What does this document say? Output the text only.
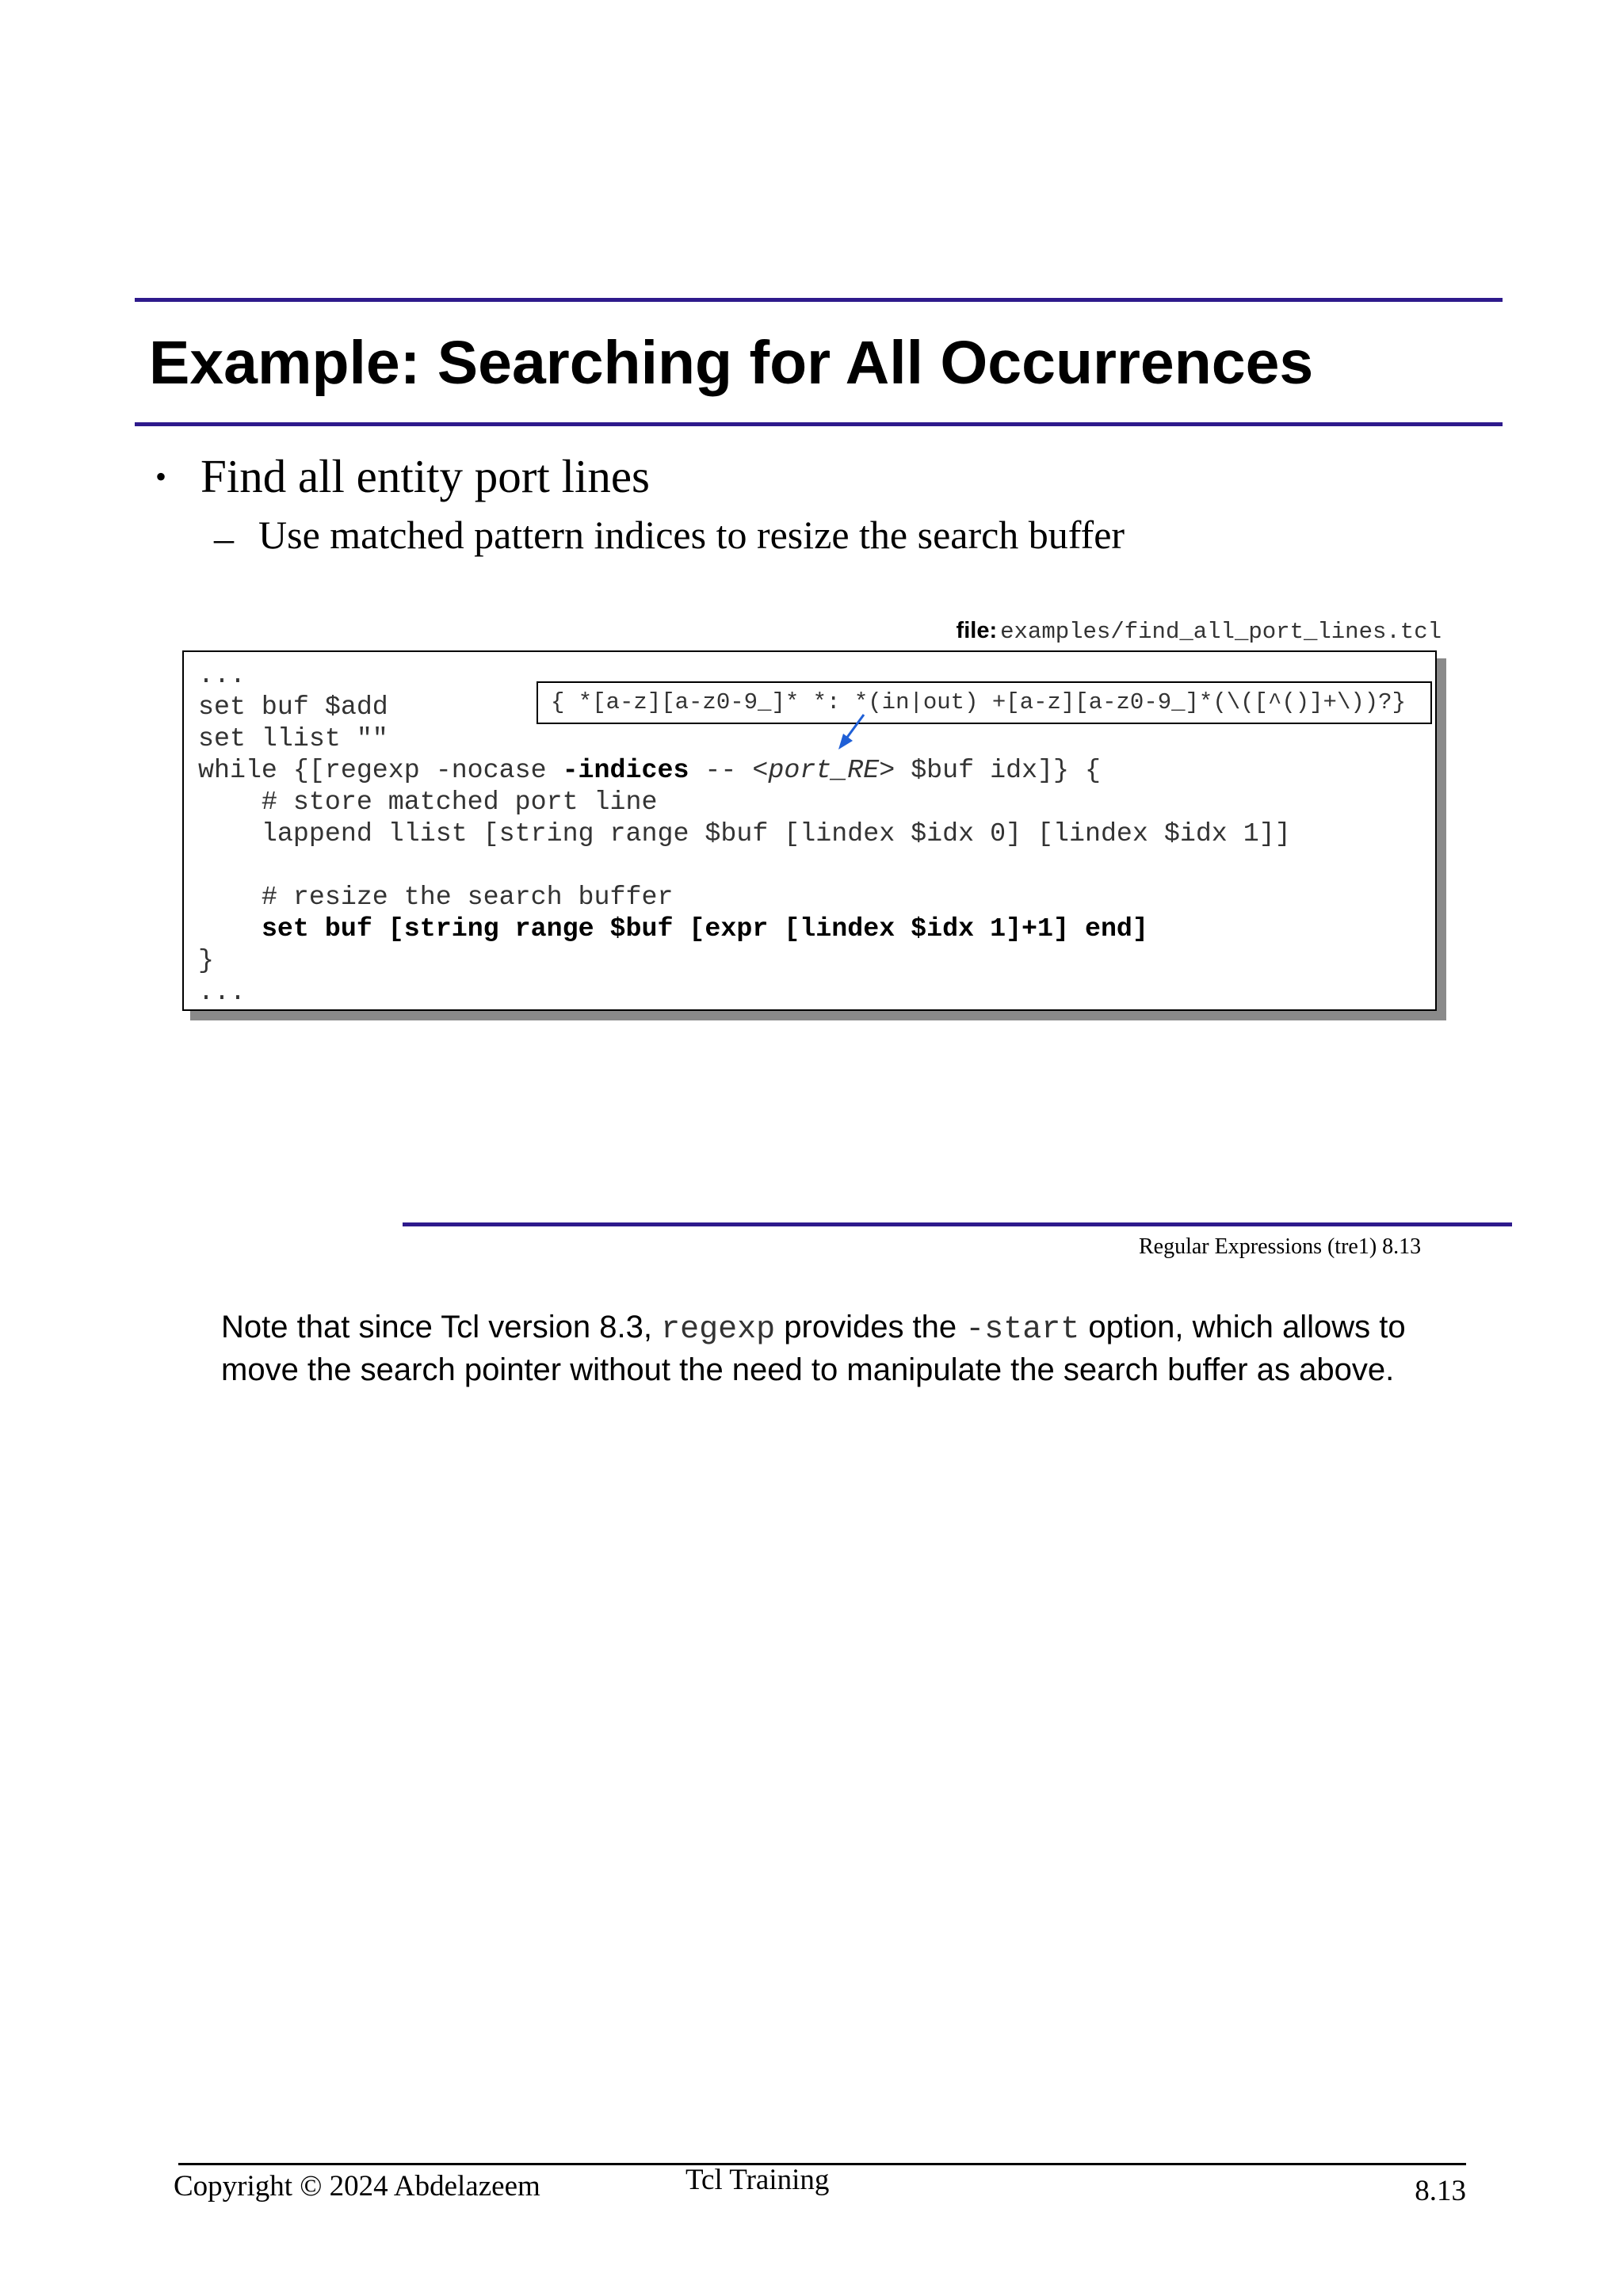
Example: Searching for All Occurrences
• Find all entity port lines
– Use matched pattern indices to resize the search buffer
file: examples/find_all_port_lines.tcl
...
set buf $add
set llist ""
while {[regexp -nocase -indices -- <port_RE> $buf idx]} {
# store matched port line
lappend llist [string range $buf [lindex $idx 0] [lindex $idx 1]]

# resize the search buffer
set buf [string range $buf [expr [lindex $idx 1]+1] end]
}
...
{ *[a-z][a-z0-9_]* *: *(in|out) +[a-z][a-z0-9_]*(\([^()]+\))?}
Regular Expressions (tre1) 8.13

Note that since Tcl version 8.3, regexp provides the -start option, which allows to move the search pointer without the need to manipulate the search buffer as above.

Copyright © 2024 Abdelazeem	Tcl Training	8.13
